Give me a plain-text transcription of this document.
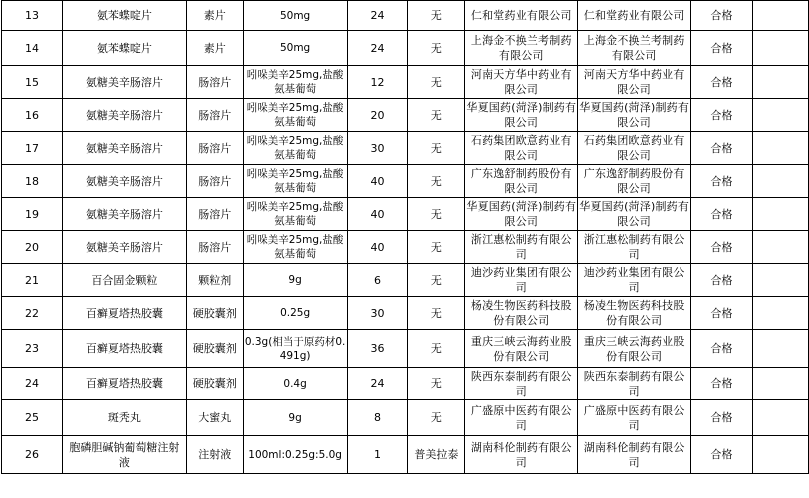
13	氨苯蝶啶片	素片	50mg	24	无	仁和堂药业有限公司	仁和堂药业有限公司	合格	
14	氨苯蝶啶片	素片	50mg	24	无	上海金不换兰考制药有限公司	上海金不换兰考制药有限公司	合格	
15	氨糖美辛肠溶片	肠溶片	吲哚美辛25mg,盐酸氨基葡萄	12	无	河南天方华中药业有限公司	河南天方华中药业有限公司	合格	
16	氨糖美辛肠溶片	肠溶片	吲哚美辛25mg,盐酸氨基葡萄	20	无	华夏国药(菏泽)制药有限公司	华夏国药(菏泽)制药有限公司	合格	
17	氨糖美辛肠溶片	肠溶片	吲哚美辛25mg,盐酸氨基葡萄	30	无	石药集团欧意药业有限公司	石药集团欧意药业有限公司	合格	
18	氨糖美辛肠溶片	肠溶片	吲哚美辛25mg,盐酸氨基葡萄	40	无	广东逸舒制药股份有限公司	广东逸舒制药股份有限公司	合格	
19	氨糖美辛肠溶片	肠溶片	吲哚美辛25mg,盐酸氨基葡萄	40	无	华夏国药(菏泽)制药有限公司	华夏国药(菏泽)制药有限公司	合格	
20	氨糖美辛肠溶片	肠溶片	吲哚美辛25mg,盐酸氨基葡萄	40	无	浙江惠松制药有限公司	浙江惠松制药有限公司	合格	
21	百合固金颗粒	颗粒剂	9g	6	无	迪沙药业集团有限公司	迪沙药业集团有限公司	合格	
22	百癣夏塔热胶囊	硬胶囊剂	0.25g	30	无	杨凌生物医药科技股份有限公司	杨凌生物医药科技股份有限公司	合格	
23	百癣夏塔热胶囊	硬胶囊剂	0.3g(相当于原药材0.491g)	36	无	重庆三峡云海药业股份有限公司	重庆三峡云海药业股份有限公司	合格	
24	百癣夏塔热胶囊	硬胶囊剂	0.4g	24	无	陕西东泰制药有限公司	陕西东泰制药有限公司	合格	
25	斑秃丸	大蜜丸	9g	8	无	广盛原中医药有限公司	广盛原中医药有限公司	合格	
26	胞磷胆碱钠葡萄糖注射液	注射液	100ml:0.25g:5.0g	1	普美拉泰	湖南科伦制药有限公司	湖南科伦制药有限公司	合格	
